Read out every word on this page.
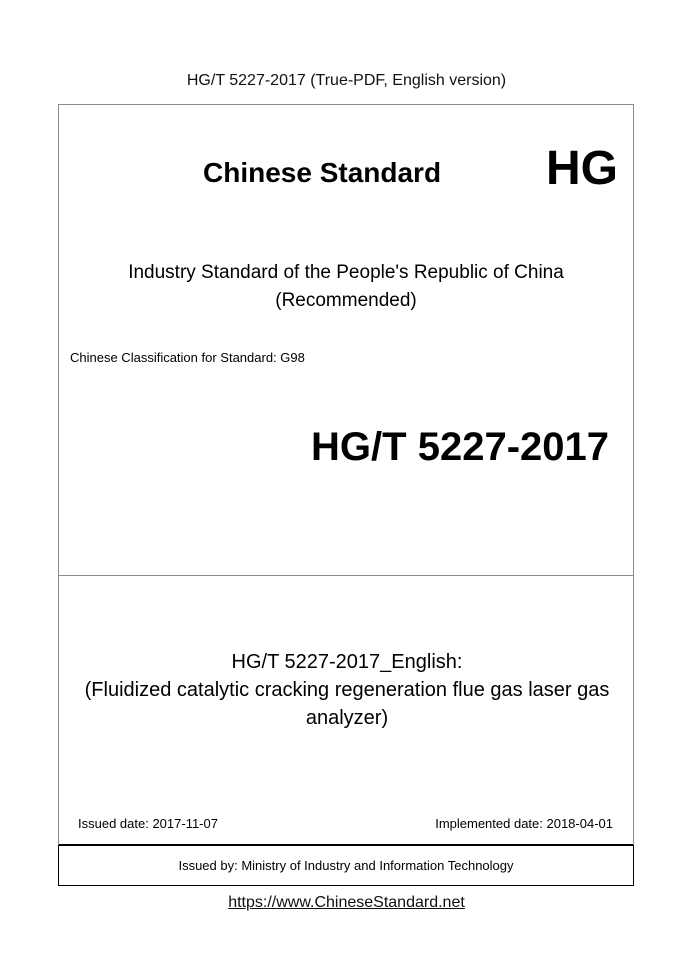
HG/T 5227-2017 (True-PDF, English version)
Chinese Standard HG
Industry Standard of the People's Republic of China
(Recommended)
Chinese Classification for Standard: G98
HG/T 5227-2017
HG/T 5227-2017_English:
(Fluidized catalytic cracking regeneration flue gas laser gas analyzer)
Issued date: 2017-11-07	Implemented date: 2018-04-01
Issued by: Ministry of Industry and Information Technology
https://www.ChineseStandard.net
